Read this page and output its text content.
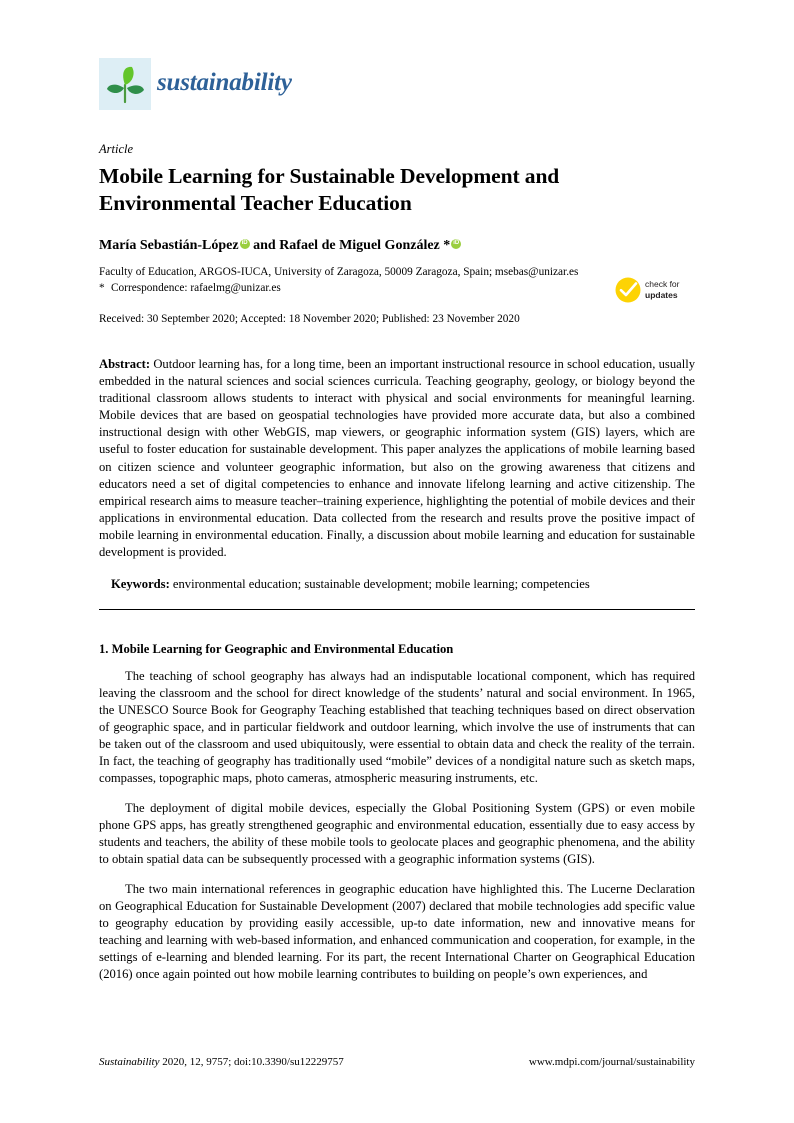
sustainability
Article
Mobile Learning for Sustainable Development and Environmental Teacher Education
María Sebastián-LópeziD and Rafael de Miguel González *iD
Faculty of Education, ARGOS-IUCA, University of Zaragoza, 50009 Zaragoza, Spain; msebas@unizar.es
* Correspondence: rafaelmg@unizar.es
Received: 30 September 2020; Accepted: 18 November 2020; Published: 23 November 2020
Abstract: Outdoor learning has, for a long time, been an important instructional resource in school education, usually embedded in the natural sciences and social sciences curricula. Teaching geography, geology, or biology beyond the traditional classroom allows students to interact with physical and social environments for meaningful learning. Mobile devices that are based on geospatial technologies have provided more accurate data, but also a combined instructional design with other WebGIS, map viewers, or geographic information system (GIS) layers, which are useful to foster education for sustainable development. This paper analyzes the applications of mobile learning based on citizen science and volunteer geographic information, but also on the growing awareness that citizens and educators need a set of digital competencies to enhance and innovate lifelong learning and active citizenship. The empirical research aims to measure teacher–training experience, highlighting the potential of mobile devices and their applications in environmental education. Data collected from the research and results prove the positive impact of mobile learning in environmental education. Finally, a discussion about mobile learning and education for sustainable development is provided.
Keywords: environmental education; sustainable development; mobile learning; competencies
1. Mobile Learning for Geographic and Environmental Education

The teaching of school geography has always had an indisputable locational component, which has required leaving the classroom and the school for direct knowledge of the students’ natural and social environment. In 1965, the UNESCO Source Book for Geography Teaching established that teaching techniques based on direct observation of geographic space, and in particular fieldwork and outdoor learning, which involve the use of instruments that can be taken out of the classroom and used ubiquitously, were essential to obtain data and check the reality of the terrain. In fact, the teaching of geography has traditionally used “mobile” devices of a nondigital nature such as sketch maps, compasses, topographic maps, photo cameras, atmospheric measuring instruments, etc.

The deployment of digital mobile devices, especially the Global Positioning System (GPS) or even mobile phone GPS apps, has greatly strengthened geographic and environmental education, essentially due to easy access by students and teachers, the ability of these mobile tools to geolocate places and geographic phenomena, and the ability to obtain spatial data can be subsequently processed with a geographic information systems (GIS).

The two main international references in geographic education have highlighted this. The Lucerne Declaration on Geographical Education for Sustainable Development (2007) declared that mobile technologies add specific value to geography education by providing easily accessible, up-to date information, new and innovative means for teaching and learning with web-based information, and enhanced communication and cooperation, for example, in the settings of e-learning and blended learning. For its part, the recent International Charter on Geographical Education (2016) once again pointed out how mobile learning contributes to building on people’s own experiences, and

check for
updates
Sustainability 2020, 12, 9757; doi:10.3390/su12229757	www.mdpi.com/journal/sustainability
